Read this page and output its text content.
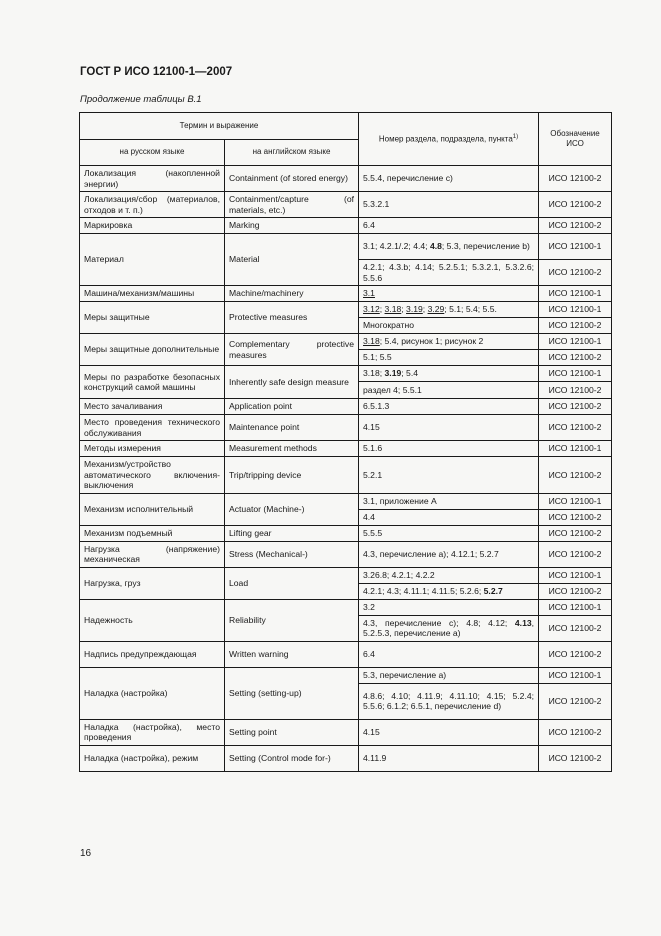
ГОСТ Р ИСО 12100-1—2007
Продолжение таблицы В.1
Термин и выражение		Номер раздела, подраздела, пункта$^{1)}$	Обозначение ИСО
на русском языке	на английском языке		
Локализация (накопленной энергии)	Containment (of stored energy)	5.5.4, перечисление с)	ИСО 12100-2
Локализация/сбор (материалов, отходов и т. п.)	Containment/capture (of materials, etc.)	5.3.2.1	ИСО 12100-2
Маркировка	Marking	6.4	ИСО 12100-2
Материал	Material	3.1; 4.2.1/.2; 4.4; 4.8; 5.3, перечисление b)	ИСО 12100-1
		4.2.1; 4.3.b; 4.14; 5.2.5.1; 5.3.2.1, 5.3.2.6; 5.5.6	ИСО 12100-2
Машина/механизм/машины	Machine/machinery	3.1	ИСО 12100-1
Меры защитные	Protective measures	3.12; 3.18; 3.19; 3.29; 5.1; 5.4; 5.5.	ИСО 12100-1
		Многократно	ИСО 12100-2
Меры защитные дополнительные	Complementary protective measures	3.18; 5.4, рисунок 1; рисунок 2	ИСО 12100-1
		5.1; 5.5	ИСО 12100-2
Меры по разработке безопасных конструкций самой машины	Inherently safe design measure	3.18; 3.19; 5.4	ИСО 12100-1
		раздел 4; 5.5.1	ИСО 12100-2
Место зачаливания	Application point	6.5.1.3	ИСО 12100-2
Место проведения технического обслуживания	Maintenance point	4.15	ИСО 12100-2
Методы измерения	Measurement methods	5.1.6	ИСО 12100-1
Механизм/устройство автоматического включения-выключения	Trip/tripping device	5.2.1	ИСО 12100-2
Механизм исполнительный	Actuator (Machine-)	3.1, приложение А	ИСО 12100-1
		4.4	ИСО 12100-2
Механизм подъемный	Lifting gear	5.5.5	ИСО 12100-2
Нагрузка (напряжение) механическая	Stress (Mechanical-)	4.3, перечисление а); 4.12.1; 5.2.7	ИСО 12100-2
Нагрузка, груз	Load	3.26.8; 4.2.1; 4.2.2	ИСО 12100-1
		4.2.1; 4.3; 4.11.1; 4.11.5; 5.2.6; 5.2.7	ИСО 12100-2
Надежность	Reliability	3.2	ИСО 12100-1
		4.3, перечисление с); 4.8; 4.12; 4.13, 5.2.5.3, перечисление а)	ИСО 12100-2
Надпись предупреждающая	Written warning	6.4	ИСО 12100-2
Наладка (настройка)	Setting (setting-up)	5.3, перечисление а)	ИСО 12100-1
		4.8.6; 4.10; 4.11.9; 4.11.10; 4.15; 5.2.4; 5.5.6; 6.1.2; 6.5.1, перечисление d)	ИСО 12100-2
Наладка (настройка), место проведения	Setting point	4.15	ИСО 12100-2
Наладка (настройка), режим	Setting (Control mode for-)	4.11.9	ИСО 12100-2
16
